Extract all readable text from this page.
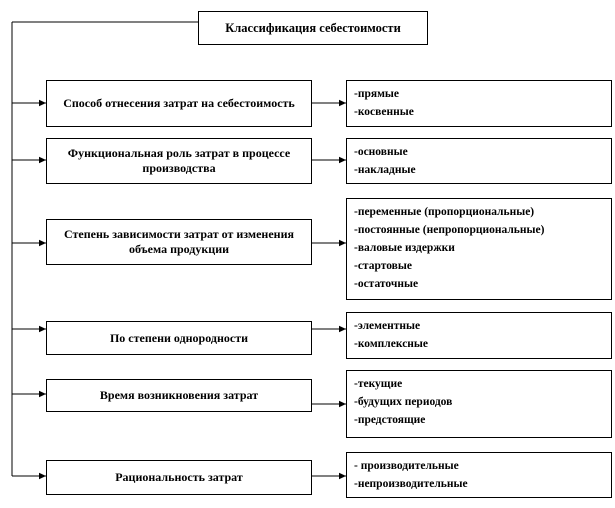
Классификация себестоимости
Способ отнесения затрат на себестоимость
-прямые
-косвенные
Функциональная роль затрат в процессе производства
-основные
-накладные
Степень зависимости затрат от изменения объема продукции
-переменные (пропорциональные)
-постоянные (непропорциональные)
-валовые издержки
-стартовые
-остаточные
По степени однородности
-элементные
-комплексные
Время возникновения затрат
-текущие
-будущих периодов
-предстоящие
Рациональность затрат
- производительные
-непроизводительные
